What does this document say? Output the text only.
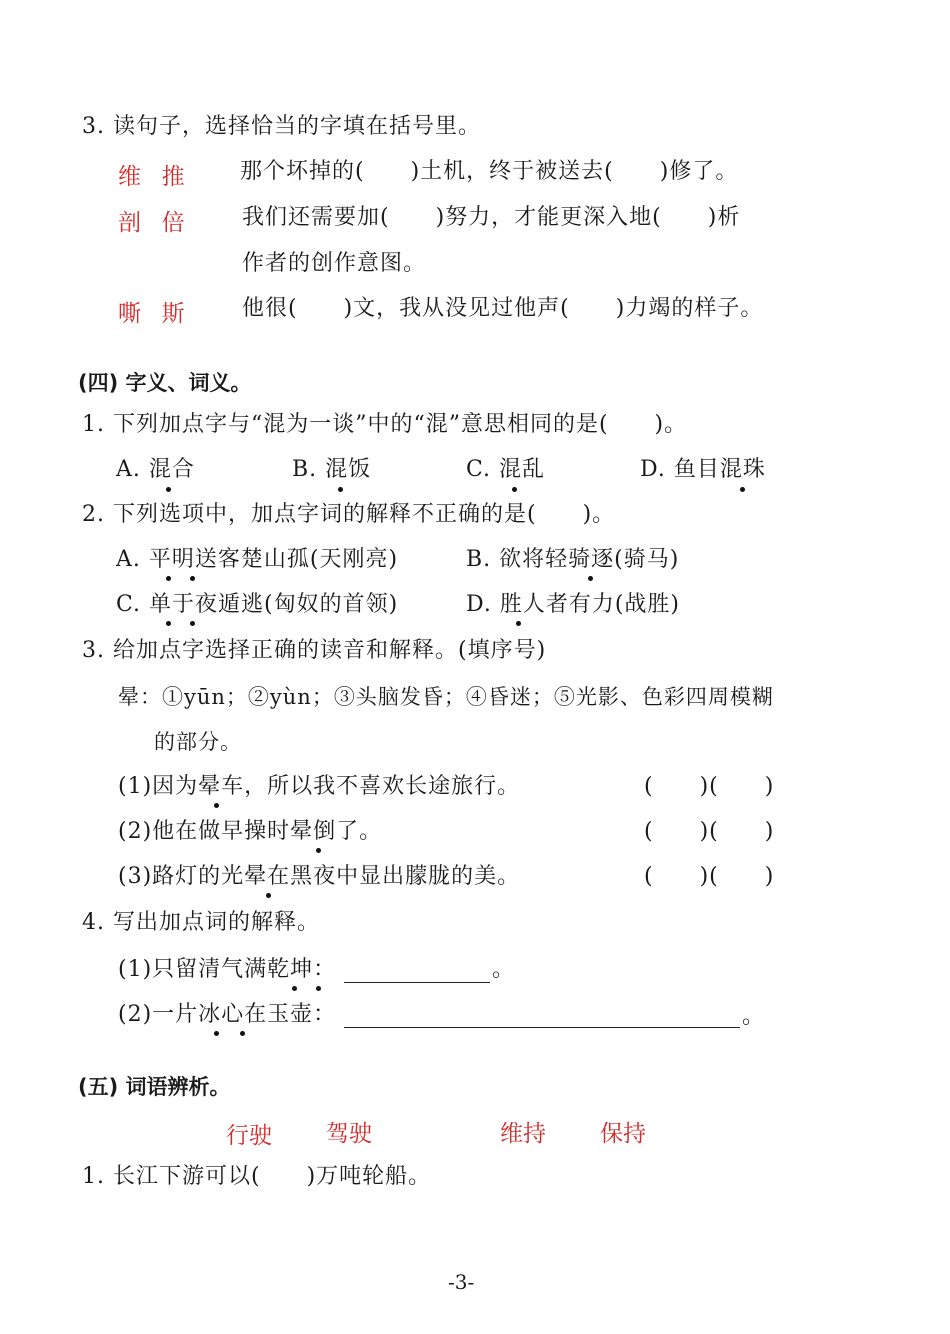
3. 读句子，选择恰当的字填在括号里。
维  推 那个坏掉的(　　)土机，终于被送去(　　)修了。
剖  倍	我们还需要加(　　)努力，才能更深入地(　　)析
作者的创作意图。
嘶  斯	他很(　　)文，我从没见过他声(　　)力竭的样子。
(四) 字义、词义。
1. 下列加点字与“混为一谈”中的“混”意思相同的是(　　)。
A. 混合	B. 混饭	C. 混乱	D. 鱼目混珠
2. 下列选项中，加点字词的解释不正确的是(　　)。
A. 平明送客楚山孤(天刚亮)	B. 欲将轻骑逐(骑马)
C. 单于夜遁逃(匈奴的首领)	D. 胜人者有力(战胜)
3. 给加点字选择正确的读音和解释。(填序号)
晕：①yūn；②yùn；③头脑发昏；④昏迷；⑤光影、色彩四周模糊
的部分。
(1)因为晕车，所以我不喜欢长途旅行。	(　　)(　　)
(2)他在做早操时晕倒了。	(　　)(　　)
(3)路灯的光晕在黑夜中显出朦胧的美。	(　　)(　　)
4. 写出加点词的解释。
(1)只留清气满乾坤：	。
(2)一片冰心在玉壶：	。
(五) 词语辨析。
行驶 驾驶	维持 保持
1. 长江下游可以(　　)万吨轮船。
-3-
